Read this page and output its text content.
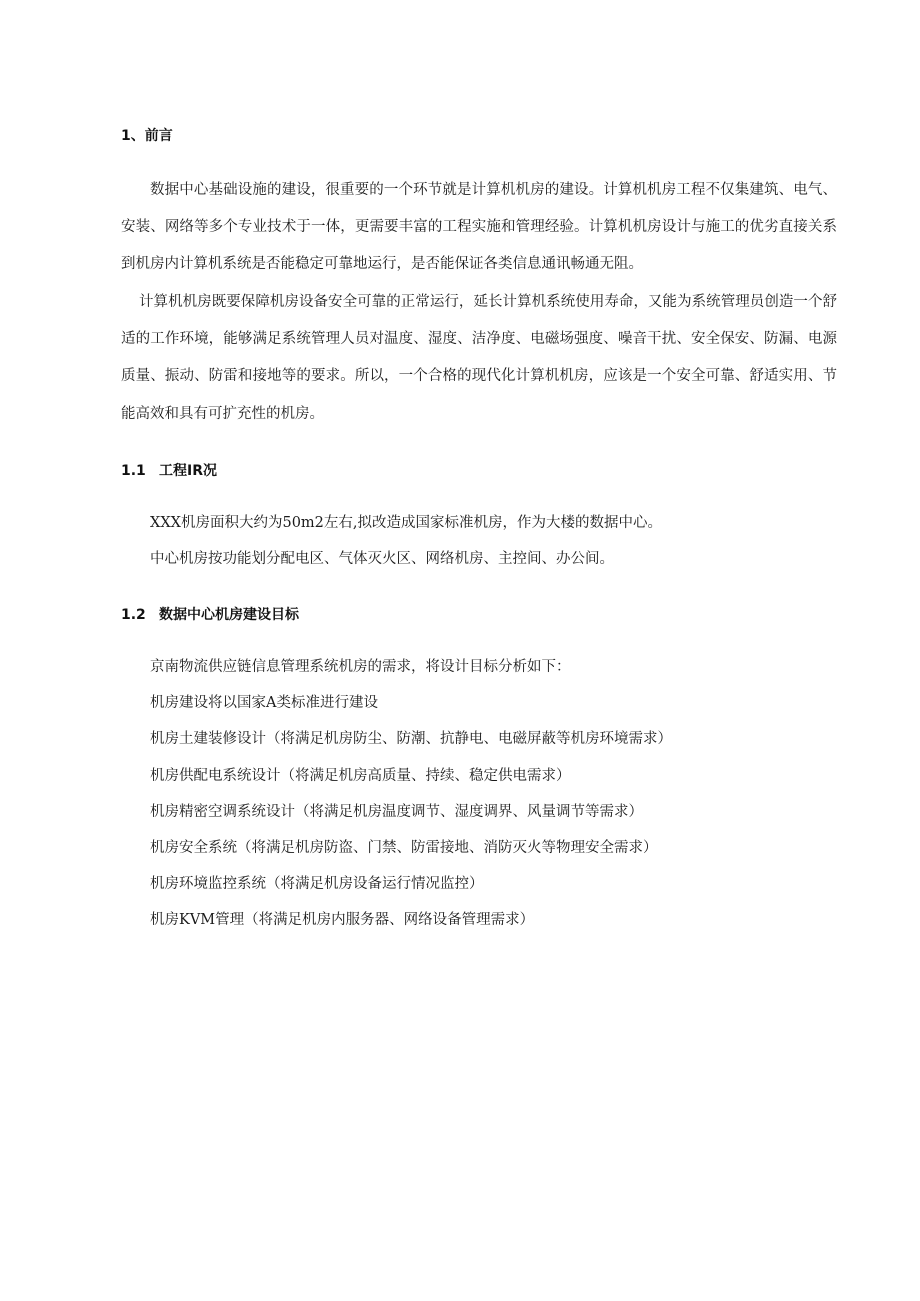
1、前言

数据中心基础设施的建设，很重要的一个环节就是计算机机房的建设。计算机机房工程不仅集建筑、电气、安装、网络等多个专业技术于一体，更需要丰富的工程实施和管理经验。计算机机房设计与施工的优劣直接关系到机房内计算机系统是否能稳定可靠地运行，是否能保证各类信息通讯畅通无阻。

计算机机房既要保障机房设备安全可靠的正常运行，延长计算机系统使用寿命，又能为系统管理员创造一个舒适的工作环境，能够满足系统管理人员对温度、湿度、洁净度、电磁场强度、噪音干扰、安全保安、防漏、电源质量、振动、防雷和接地等的要求。所以，一个合格的现代化计算机机房，应该是一个安全可靠、舒适实用、节能高效和具有可扩充性的机房。

1.1 工程IR况

XXX机房面积大约为50m2左右,拟改造成国家标准机房，作为大楼的数据中心。

中心机房按功能划分配电区、气体灭火区、网络机房、主控间、办公间。

1.2 数据中心机房建设目标
京南物流供应链信息管理系统机房的需求，将设计目标分析如下：
机房建设将以国家A类标准进行建设
机房土建装修设计（将满足机房防尘、防潮、抗静电、电磁屏蔽等机房环境需求）
机房供配电系统设计（将满足机房高质量、持续、稳定供电需求）
机房精密空调系统设计（将满足机房温度调节、湿度调界、风量调节等需求）
机房安全系统（将满足机房防盗、门禁、防雷接地、消防灭火等物理安全需求）
机房环境监控系统（将满足机房设备运行情况监控）
机房KVM管理（将满足机房内服务器、网络设备管理需求）
